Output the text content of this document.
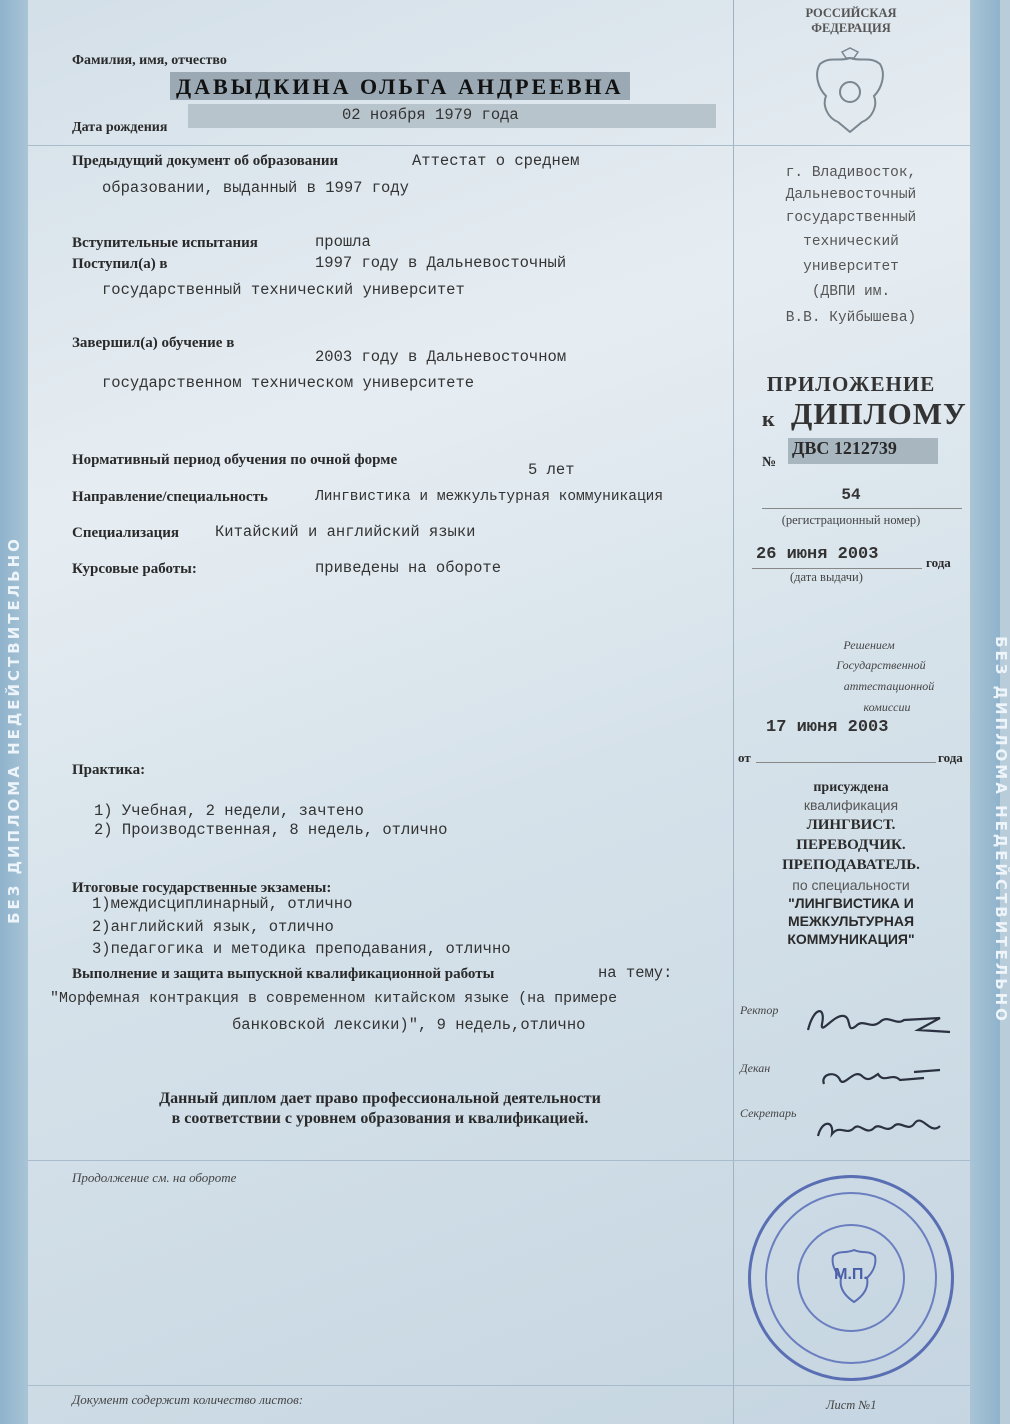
БЕЗ ДИПЛОМА НЕДЕЙСТВИТЕЛЬНО	БЕЗ ДИПЛОМА НЕДЕЙСТВИТЕЛЬНО
Фамилия, имя, отчество
ДАВЫДКИНА ОЛЬГА АНДРЕЕВНА
02 ноября 1979 года
Дата рождения
Предыдущий документ об образовании	Аттестат о среднем
образовании, выданный в 1997 году
Вступительные испытания	прошла
Поступил(а) в	1997 году в Дальневосточный
государственный технический университет
Завершил(а) обучение в
2003 году в Дальневосточном
государственном техническом университете
Нормативный период обучения по очной форме
5 лет
Направление/специальность	Лингвистика и межкультурная коммуникация
Специализация Китайский и английский языки
Курсовые работы:	приведены на обороте
Практика:
1) Учебная, 2 недели, зачтено
2) Производственная, 8 недель, отлично
Итоговые государственные экзамены:
1)междисциплинарный, отлично
2)английский язык, отлично
3)педагогика и методика преподавания, отлично
Выполнение и защита выпускной квалификационной работы	на тему:
"Морфемная контракция в современном китайском языке (на примере
банковской лексики)", 9 недель,отлично
Данный диплом дает право профессиональной деятельности
в соответствии с уровнем образования и квалификацией.
Продолжение см. на обороте
Документ содержит количество листов:
РОССИЙСКАЯ
ФЕДЕРАЦИЯ
г. Владивосток,
Дальневосточный
государственный
технический
университет
(ДВПИ им.
В.В. Куйбышева)
ПРИЛОЖЕНИЕ
к ДИПЛОМУ
№
ДВС 1212739
54
(регистрационный номер)
26 июня 2003	года
(дата выдачи)
Решением
Государственной
аттестационной
комиссии
17 июня 2003
от	года
присуждена
квалификация
ЛИНГВИСТ.
ПЕРЕВОДЧИК.
ПРЕПОДАВАТЕЛЬ.
по специальности
"ЛИНГВИСТИКА И
МЕЖКУЛЬТУРНАЯ
КОММУНИКАЦИЯ"
Ректор
Декан
Секретарь
М.П.
Лист №1
